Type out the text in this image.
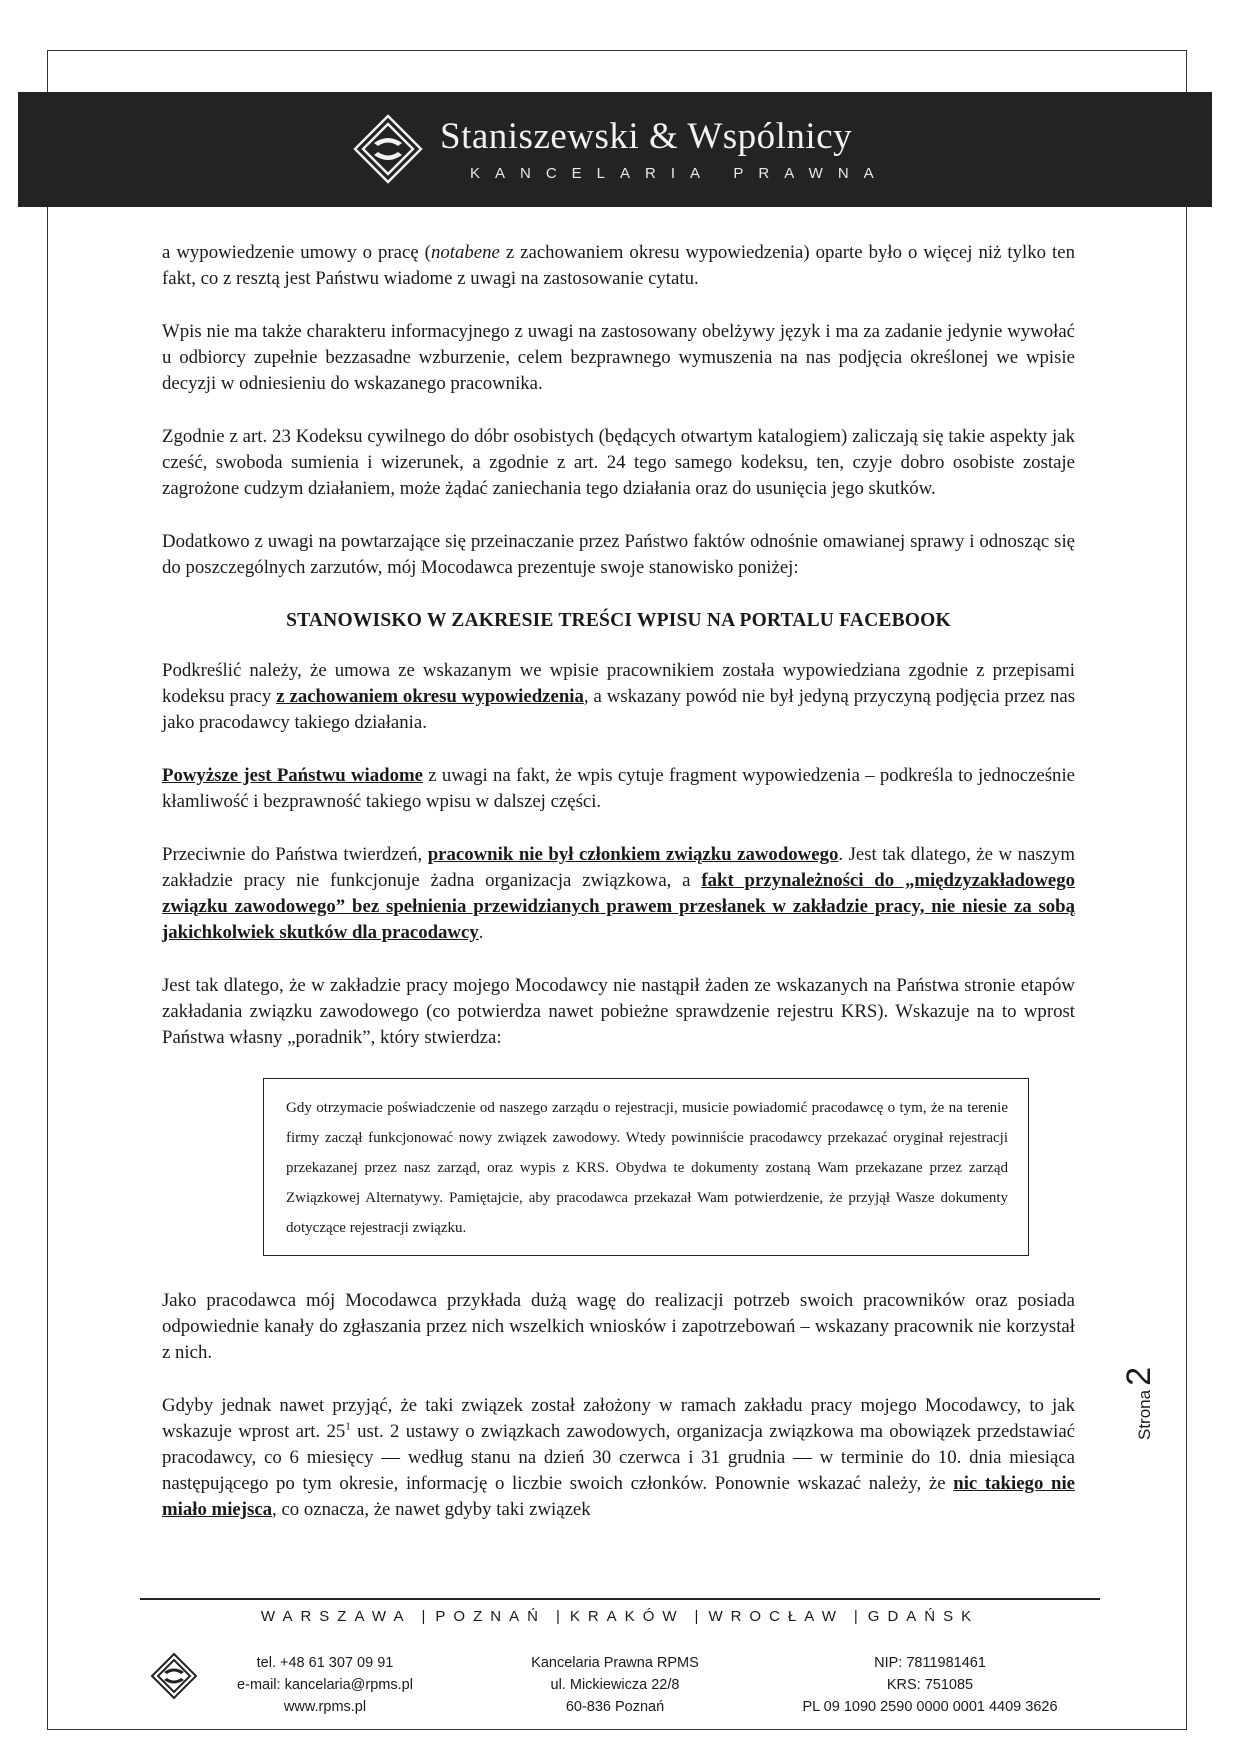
Staniszewski & Wspólnicy
KANCELARIA PRAWNA

a wypowiedzenie umowy o pracę (notabene z zachowaniem okresu wypowiedzenia) oparte było o więcej niż tylko ten fakt, co z resztą jest Państwu wiadome z uwagi na zastosowanie cytatu.

Wpis nie ma także charakteru informacyjnego z uwagi na zastosowany obelżywy język i ma za zadanie jedynie wywołać u odbiorcy zupełnie bezzasadne wzburzenie, celem bezprawnego wymuszenia na nas podjęcia określonej we wpisie decyzji w odniesieniu do wskazanego pracownika.

Zgodnie z art. 23 Kodeksu cywilnego do dóbr osobistych (będących otwartym katalogiem) zaliczają się takie aspekty jak cześć, swoboda sumienia i wizerunek, a zgodnie z art. 24 tego samego kodeksu, ten, czyje dobro osobiste zostaje zagrożone cudzym działaniem, może żądać zaniechania tego działania oraz do usunięcia jego skutków.

Dodatkowo z uwagi na powtarzające się przeinaczanie przez Państwo faktów odnośnie omawianej sprawy i odnosząc się do poszczególnych zarzutów, mój Mocodawca prezentuje swoje stanowisko poniżej:

STANOWISKO W ZAKRESIE TREŚCI WPISU NA PORTALU FACEBOOK

Podkreślić należy, że umowa ze wskazanym we wpisie pracownikiem została wypowiedziana zgodnie z przepisami kodeksu pracy z zachowaniem okresu wypowiedzenia, a wskazany powód nie był jedyną przyczyną podjęcia przez nas jako pracodawcy takiego działania.

Powyższe jest Państwu wiadome z uwagi na fakt, że wpis cytuje fragment wypowiedzenia – podkreśla to jednocześnie kłamliwość i bezprawność takiego wpisu w dalszej części.

Przeciwnie do Państwa twierdzeń, pracownik nie był członkiem związku zawodowego. Jest tak dlatego, że w naszym zakładzie pracy nie funkcjonuje żadna organizacja związkowa, a fakt przynależności do „międzyzakładowego związku zawodowego” bez spełnienia przewidzianych prawem przesłanek w zakładzie pracy, nie niesie za sobą jakichkolwiek skutków dla pracodawcy.

Jest tak dlatego, że w zakładzie pracy mojego Mocodawcy nie nastąpił żaden ze wskazanych na Państwa stronie etapów zakładania związku zawodowego (co potwierdza nawet pobieżne sprawdzenie rejestru KRS). Wskazuje na to wprost Państwa własny „poradnik”, który stwierdza:

Gdy otrzymacie poświadczenie od naszego zarządu o rejestracji, musicie powiadomić pracodawcę o tym, że na terenie firmy zaczął funkcjonować nowy związek zawodowy. Wtedy powinniście pracodawcy przekazać oryginał rejestracji przekazanej przez nasz zarząd, oraz wypis z KRS. Obydwa te dokumenty zostaną Wam przekazane przez zarząd Związkowej Alternatywy. Pamiętajcie, aby pracodawca przekazał Wam potwierdzenie, że przyjął Wasze dokumenty dotyczące rejestracji związku.

Jako pracodawca mój Mocodawca przykłada dużą wagę do realizacji potrzeb swoich pracowników oraz posiada odpowiednie kanały do zgłaszania przez nich wszelkich wniosków i zapotrzebowań – wskazany pracownik nie korzystał z nich.

Gdyby jednak nawet przyjąć, że taki związek został założony w ramach zakładu pracy mojego Mocodawcy, to jak wskazuje wprost art. $25^1$ ust. 2 ustawy o związkach zawodowych, organizacja związkowa ma obowiązek przedstawiać pracodawcy, co 6 miesięcy — według stanu na dzień 30 czerwca i 31 grudnia — w terminie do 10. dnia miesiąca następującego po tym okresie, informację o liczbie swoich członków. Ponownie wskazać należy, że nic takiego nie miało miejsca, co oznacza, że nawet gdyby taki związek

Strona2
WARSZAWA | POZNAŃ | KRAKÓW | WROCŁAW | GDAŃSK
tel. +48 61 307 09 91
e-mail: kancelaria@rpms.pl
www.rpms.pl
Kancelaria Prawna RPMS
ul. Mickiewicza 22/8
60-836 Poznań
NIP: 7811981461
KRS: 751085
PL 09 1090 2590 0000 0001 4409 3626
